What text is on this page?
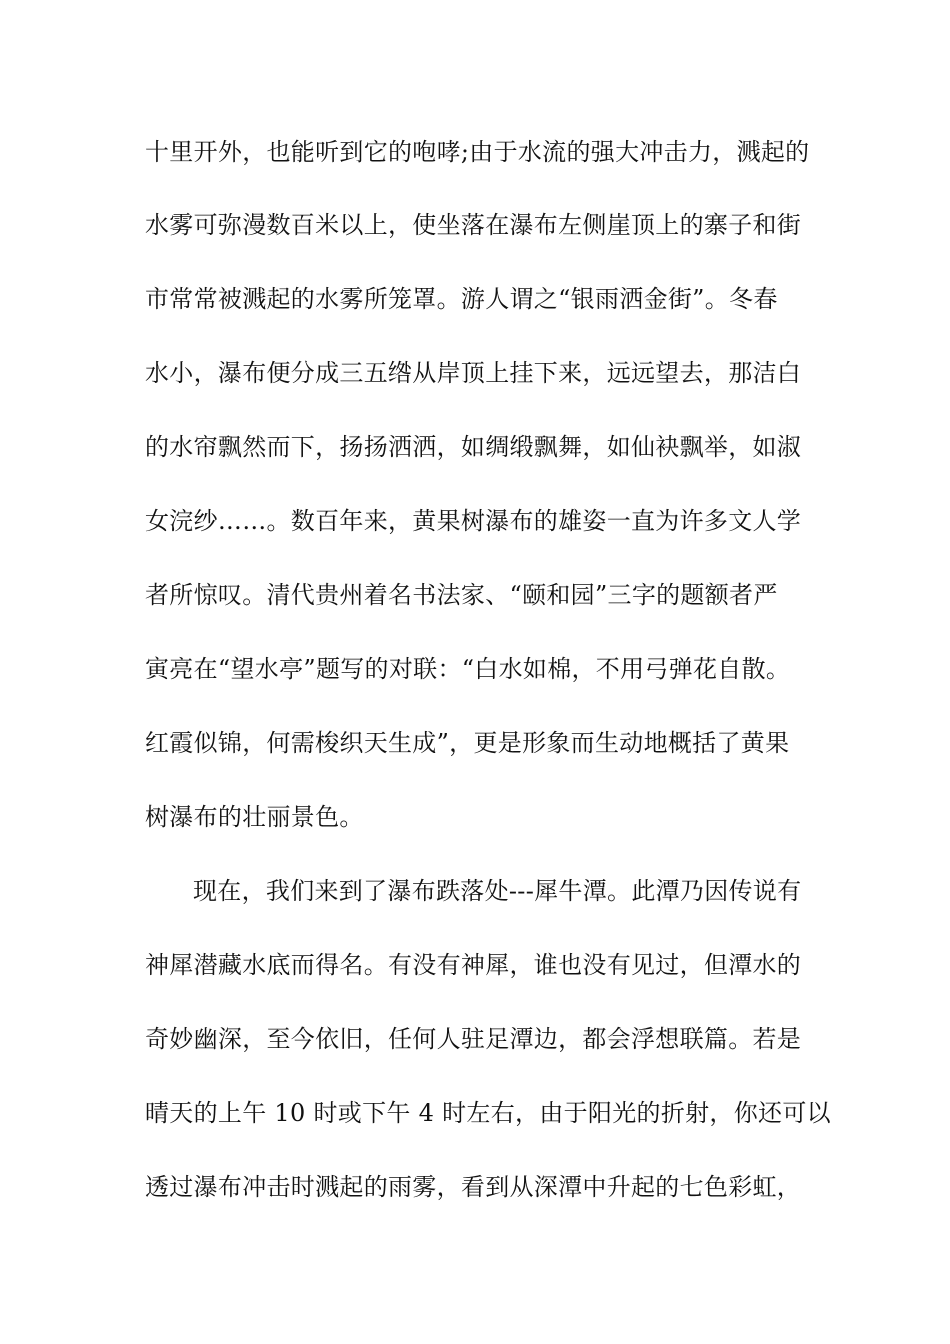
十里开外，也能听到它的咆哮;由于水流的强大冲击力，溅起的
水雾可弥漫数百米以上，使坐落在瀑布左侧崖顶上的寨子和街
市常常被溅起的水雾所笼罩。游人谓之“银雨洒金街”。冬春
水小，瀑布便分成三五绺从岸顶上挂下来，远远望去，那洁白
的水帘飘然而下，扬扬洒洒，如绸缎飘舞，如仙袂飘举，如淑
女浣纱……。数百年来，黄果树瀑布的雄姿一直为许多文人学
者所惊叹。清代贵州着名书法家、“颐和园”三字的题额者严
寅亮在“望水亭”题写的对联：“白水如棉，不用弓弹花自散。
红霞似锦，何需梭织天生成”，更是形象而生动地概括了黄果
树瀑布的壮丽景色。
现在，我们来到了瀑布跌落处---犀牛潭。此潭乃因传说有
神犀潜藏水底而得名。有没有神犀，谁也没有见过，但潭水的
奇妙幽深，至今依旧，任何人驻足潭边，都会浮想联篇。若是
晴天的上午 10 时或下午 4 时左右，由于阳光的折射，你还可以
透过瀑布冲击时溅起的雨雾，看到从深潭中升起的七色彩虹，
